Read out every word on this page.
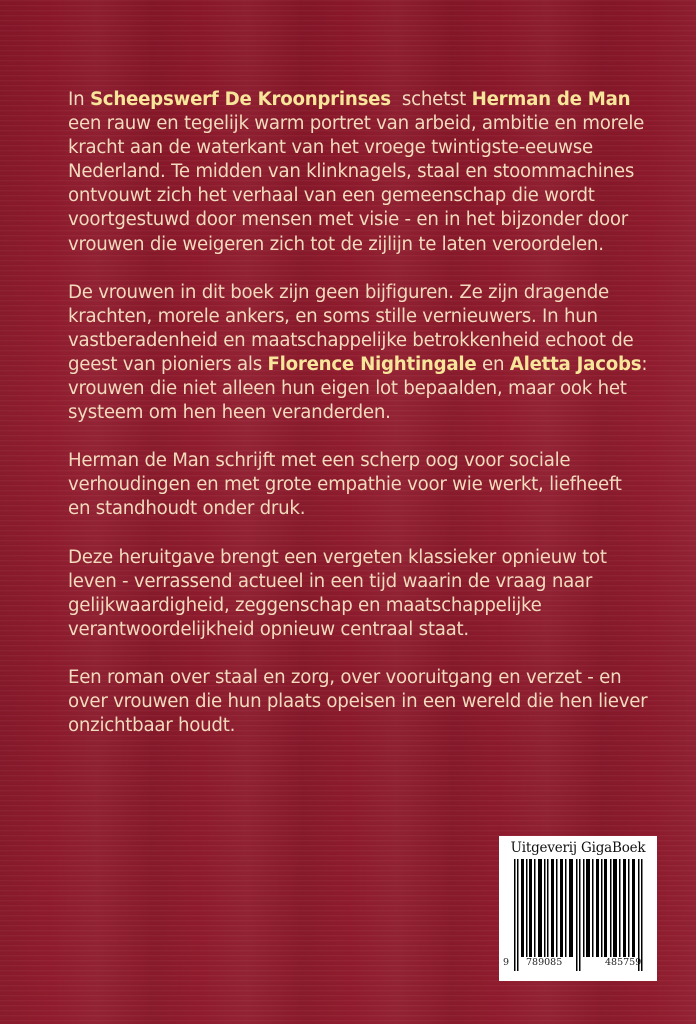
In Scheepswerf De Kroonprinses  schetst Herman de Man een rauw en tegelijk warm portret van arbeid, ambitie en morele kracht aan de waterkant van het vroege twintigste-eeuwse Nederland. Te midden van klinknagels, staal en stoommachines ontvouwt zich het verhaal van een gemeenschap die wordt voortgestuwd door mensen met visie - en in het bijzonder door vrouwen die weigeren zich tot de zijlijn te laten veroordelen.

De vrouwen in dit boek zijn geen bijfiguren. Ze zijn dragende krachten, morele ankers, en soms stille vernieuwers. In hun vastberadenheid en maatschappelijke betrokkenheid echoot de geest van pioniers als Florence Nightingale en Aletta Jacobs: vrouwen die niet alleen hun eigen lot bepaalden, maar ook het systeem om hen heen veranderden.

Herman de Man schrijft met een scherp oog voor sociale verhoudingen en met grote empathie voor wie werkt, liefheeft en standhoudt onder druk.

Deze heruitgave brengt een vergeten klassieker opnieuw tot leven - verrassend actueel in een tijd waarin de vraag naar gelijkwaardigheid, zeggenschap en maatschappelijke verantwoordelijkheid opnieuw centraal staat.

Een roman over staal en zorg, over vooruitgang en verzet - en over vrouwen die hun plaats opeisen in een wereld die hen liever onzichtbaar houdt.

Uitgeverij GigaBoek
9 789085	485759
